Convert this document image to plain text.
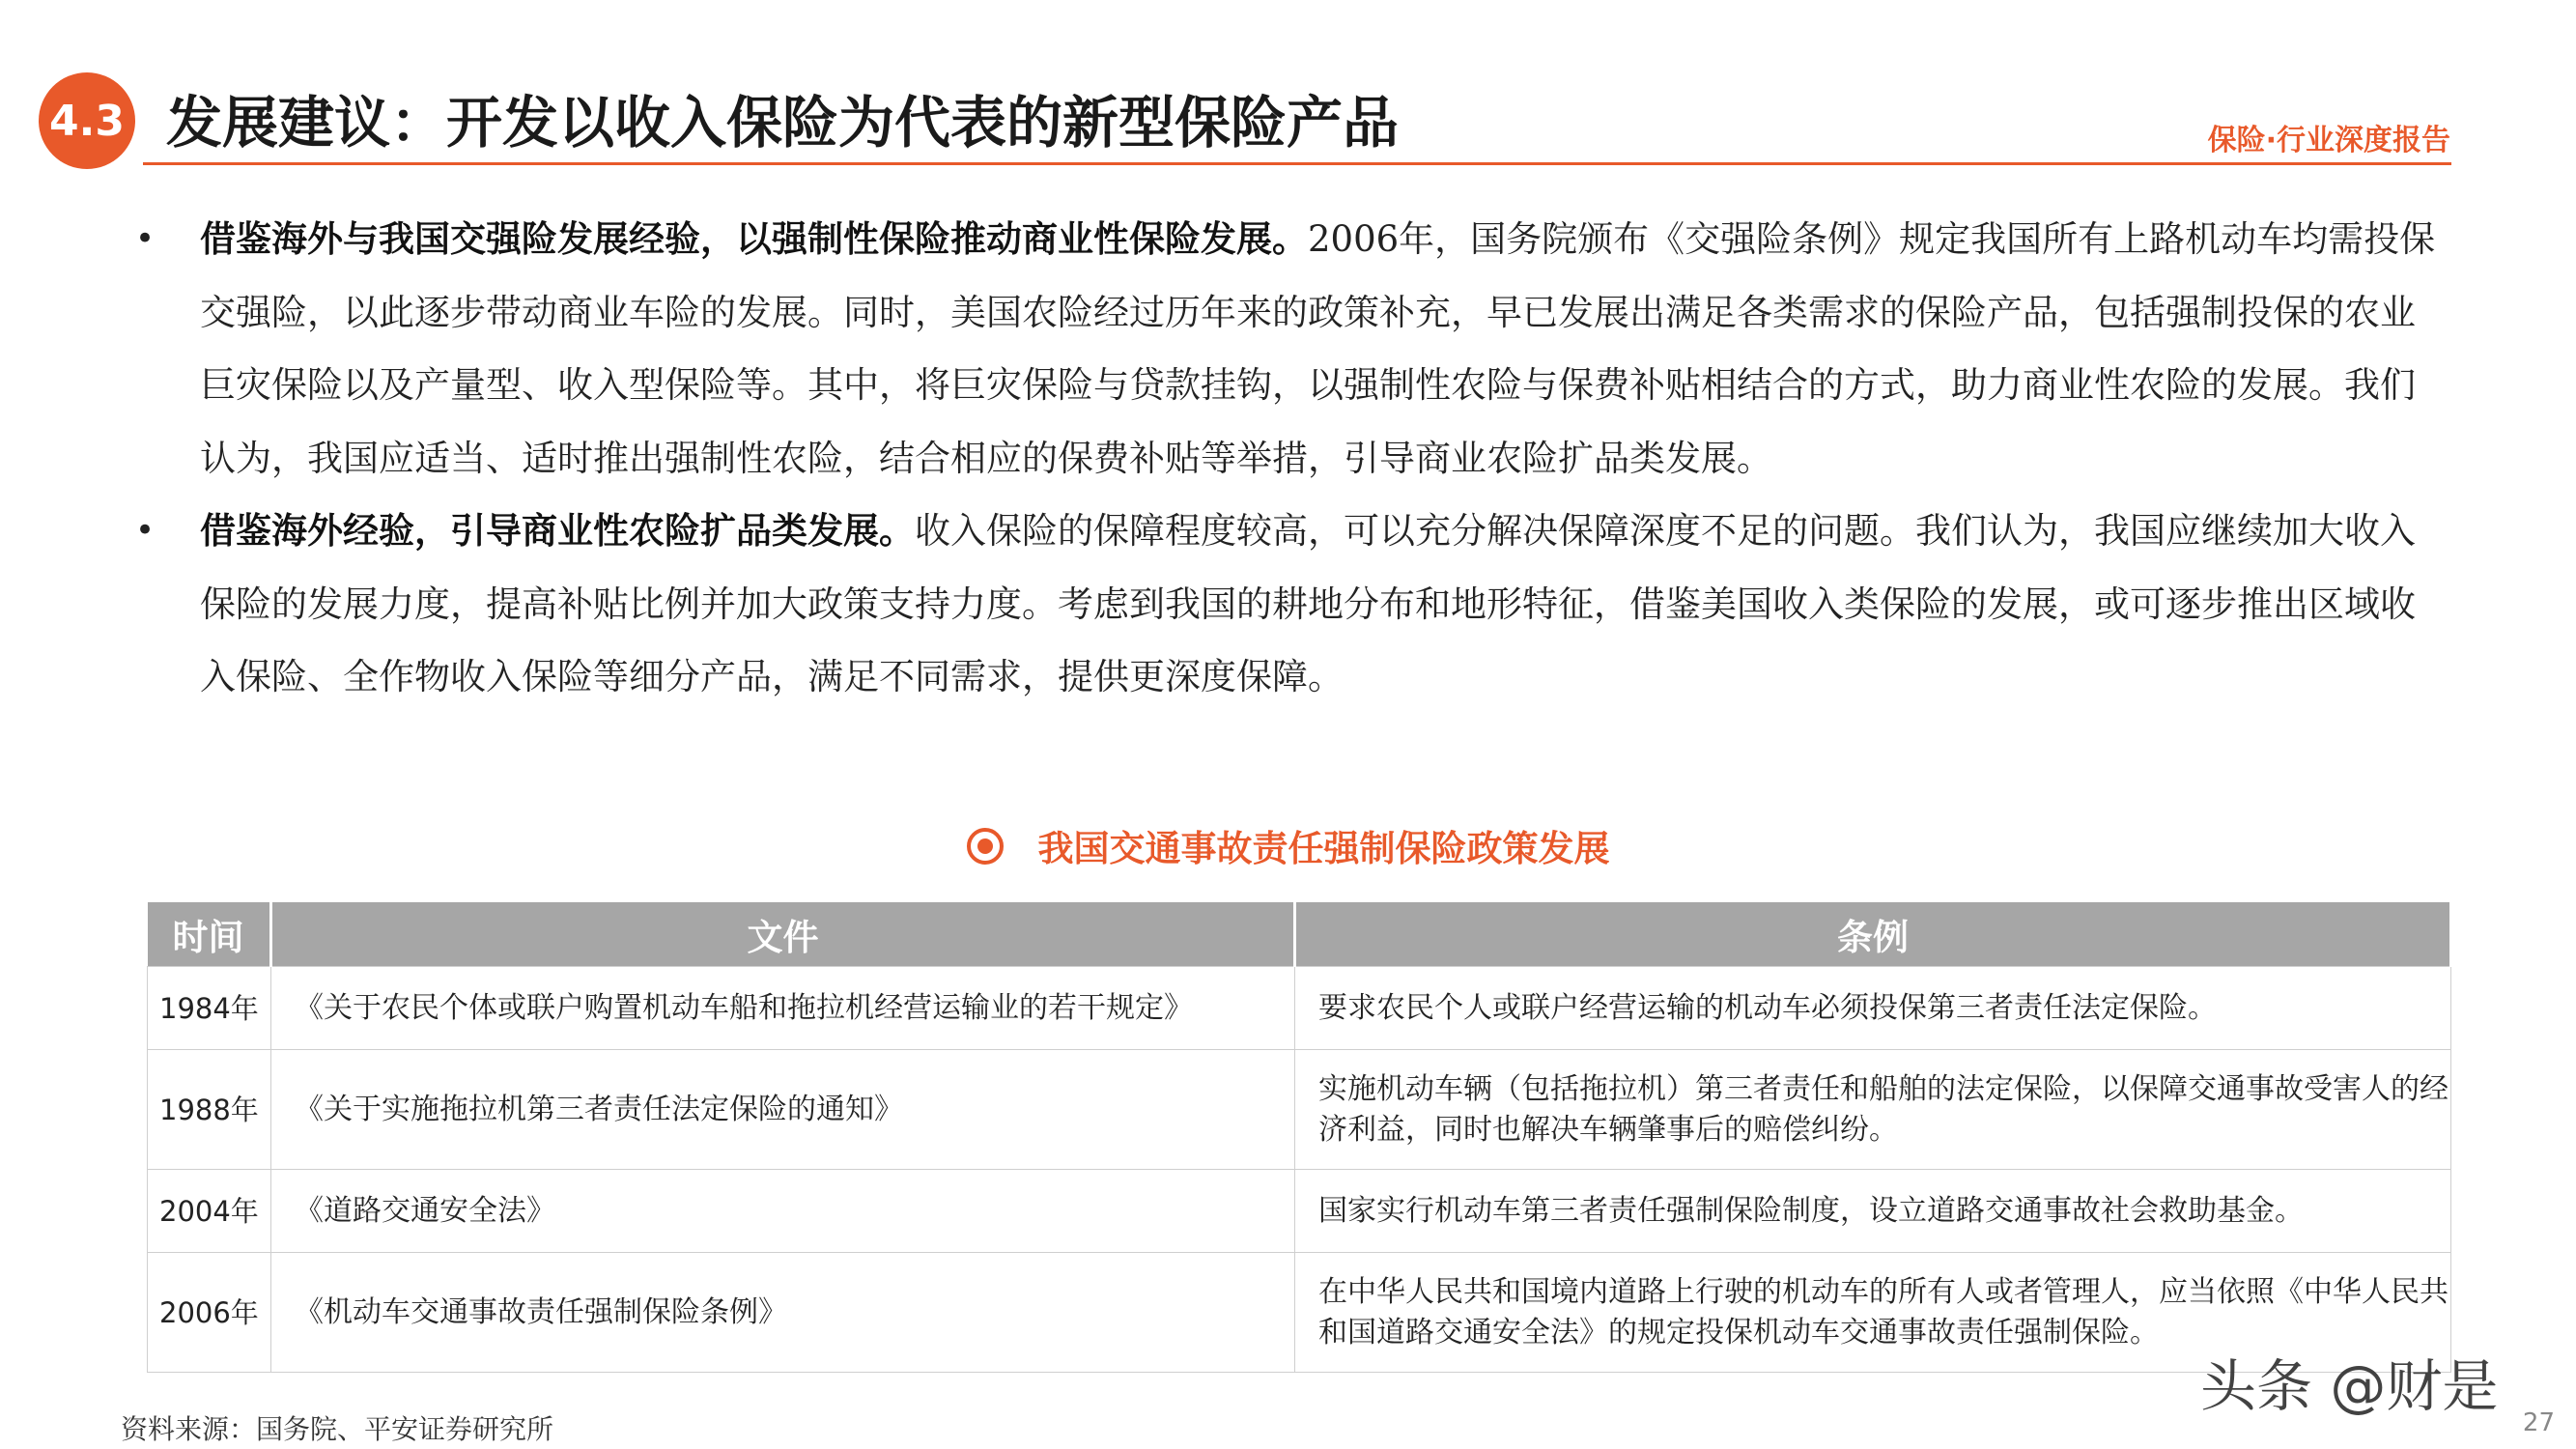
4.3 发展建议：开发以收入保险为代表的新型保险产品	保险·行业深度报告
• 借鉴海外与我国交强险发展经验，以强制性保险推动商业性保险发展。2006年，国务院颁布《交强险条例》规定我国所有上路机动车均需投保交强险，以此逐步带动商业车险的发展。同时，美国农险经过历年来的政策补充，早已发展出满足各类需求的保险产品，包括强制投保的农业巨灾保险以及产量型、收入型保险等。其中，将巨灾保险与贷款挂钩，以强制性农险与保费补贴相结合的方式，助力商业性农险的发展。我们认为，我国应适当、适时推出强制性农险，结合相应的保费补贴等举措，引导商业农险扩品类发展。
• 借鉴海外经验，引导商业性农险扩品类发展。收入保险的保障程度较高，可以充分解决保障深度不足的问题。我们认为，我国应继续加大收入保险的发展力度，提高补贴比例并加大政策支持力度。考虑到我国的耕地分布和地形特征，借鉴美国收入类保险的发展，或可逐步推出区域收入保险、全作物收入保险等细分产品，满足不同需求，提供更深度保障。
我国交通事故责任强制保险政策发展
时间	文件	条例
1984年	《关于农民个体或联户购置机动车船和拖拉机经营运输业的若干规定》	要求农民个人或联户经营运输的机动车必须投保第三者责任法定保险。
1988年	《关于实施拖拉机第三者责任法定保险的通知》	实施机动车辆（包括拖拉机）第三者责任和船舶的法定保险，以保障交通事故受害人的经济利益，同时也解决车辆肇事后的赔偿纠纷。
2004年	《道路交通安全法》	国家实行机动车第三者责任强制保险制度，设立道路交通事故社会救助基金。
2006年	《机动车交通事故责任强制保险条例》	在中华人民共和国境内道路上行驶的机动车的所有人或者管理人，应当依照《中华人民共和国道路交通安全法》的规定投保机动车交通事故责任强制保险。
资料来源：国务院、平安证券研究所
头条 @财是
27
